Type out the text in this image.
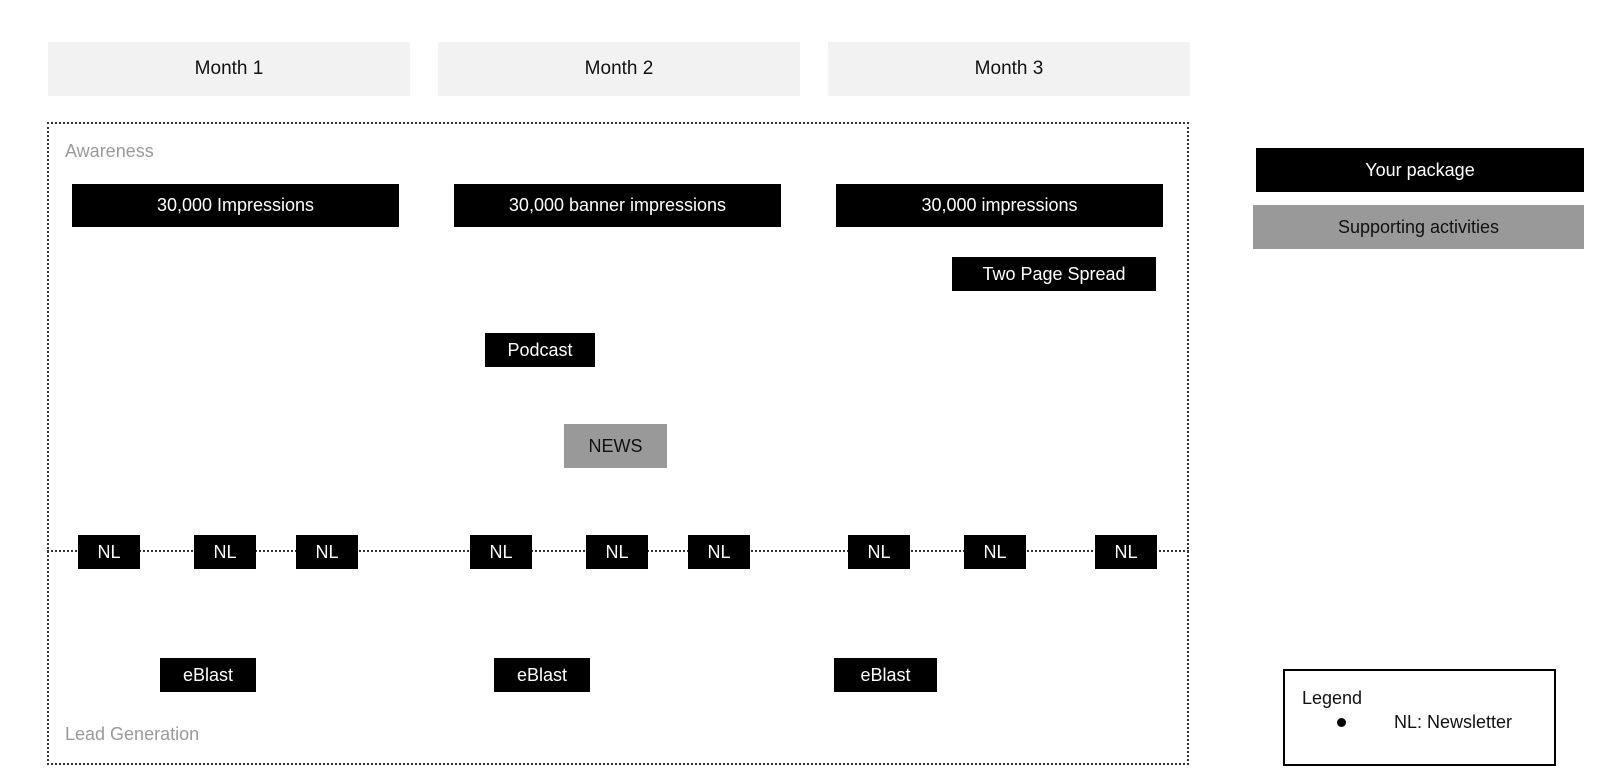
Month 1	Month 2	Month 3
Awareness
Lead Generation
30,000 Impressions	30,000 banner impressions	30,000 impressions
Two Page Spread
Podcast
NEWS
NL	NL	NL	NL	NL	NL	NL	NL	NL
eBlast	eBlast	eBlast
Your package
Supporting activities
Legend
NL: Newsletter
